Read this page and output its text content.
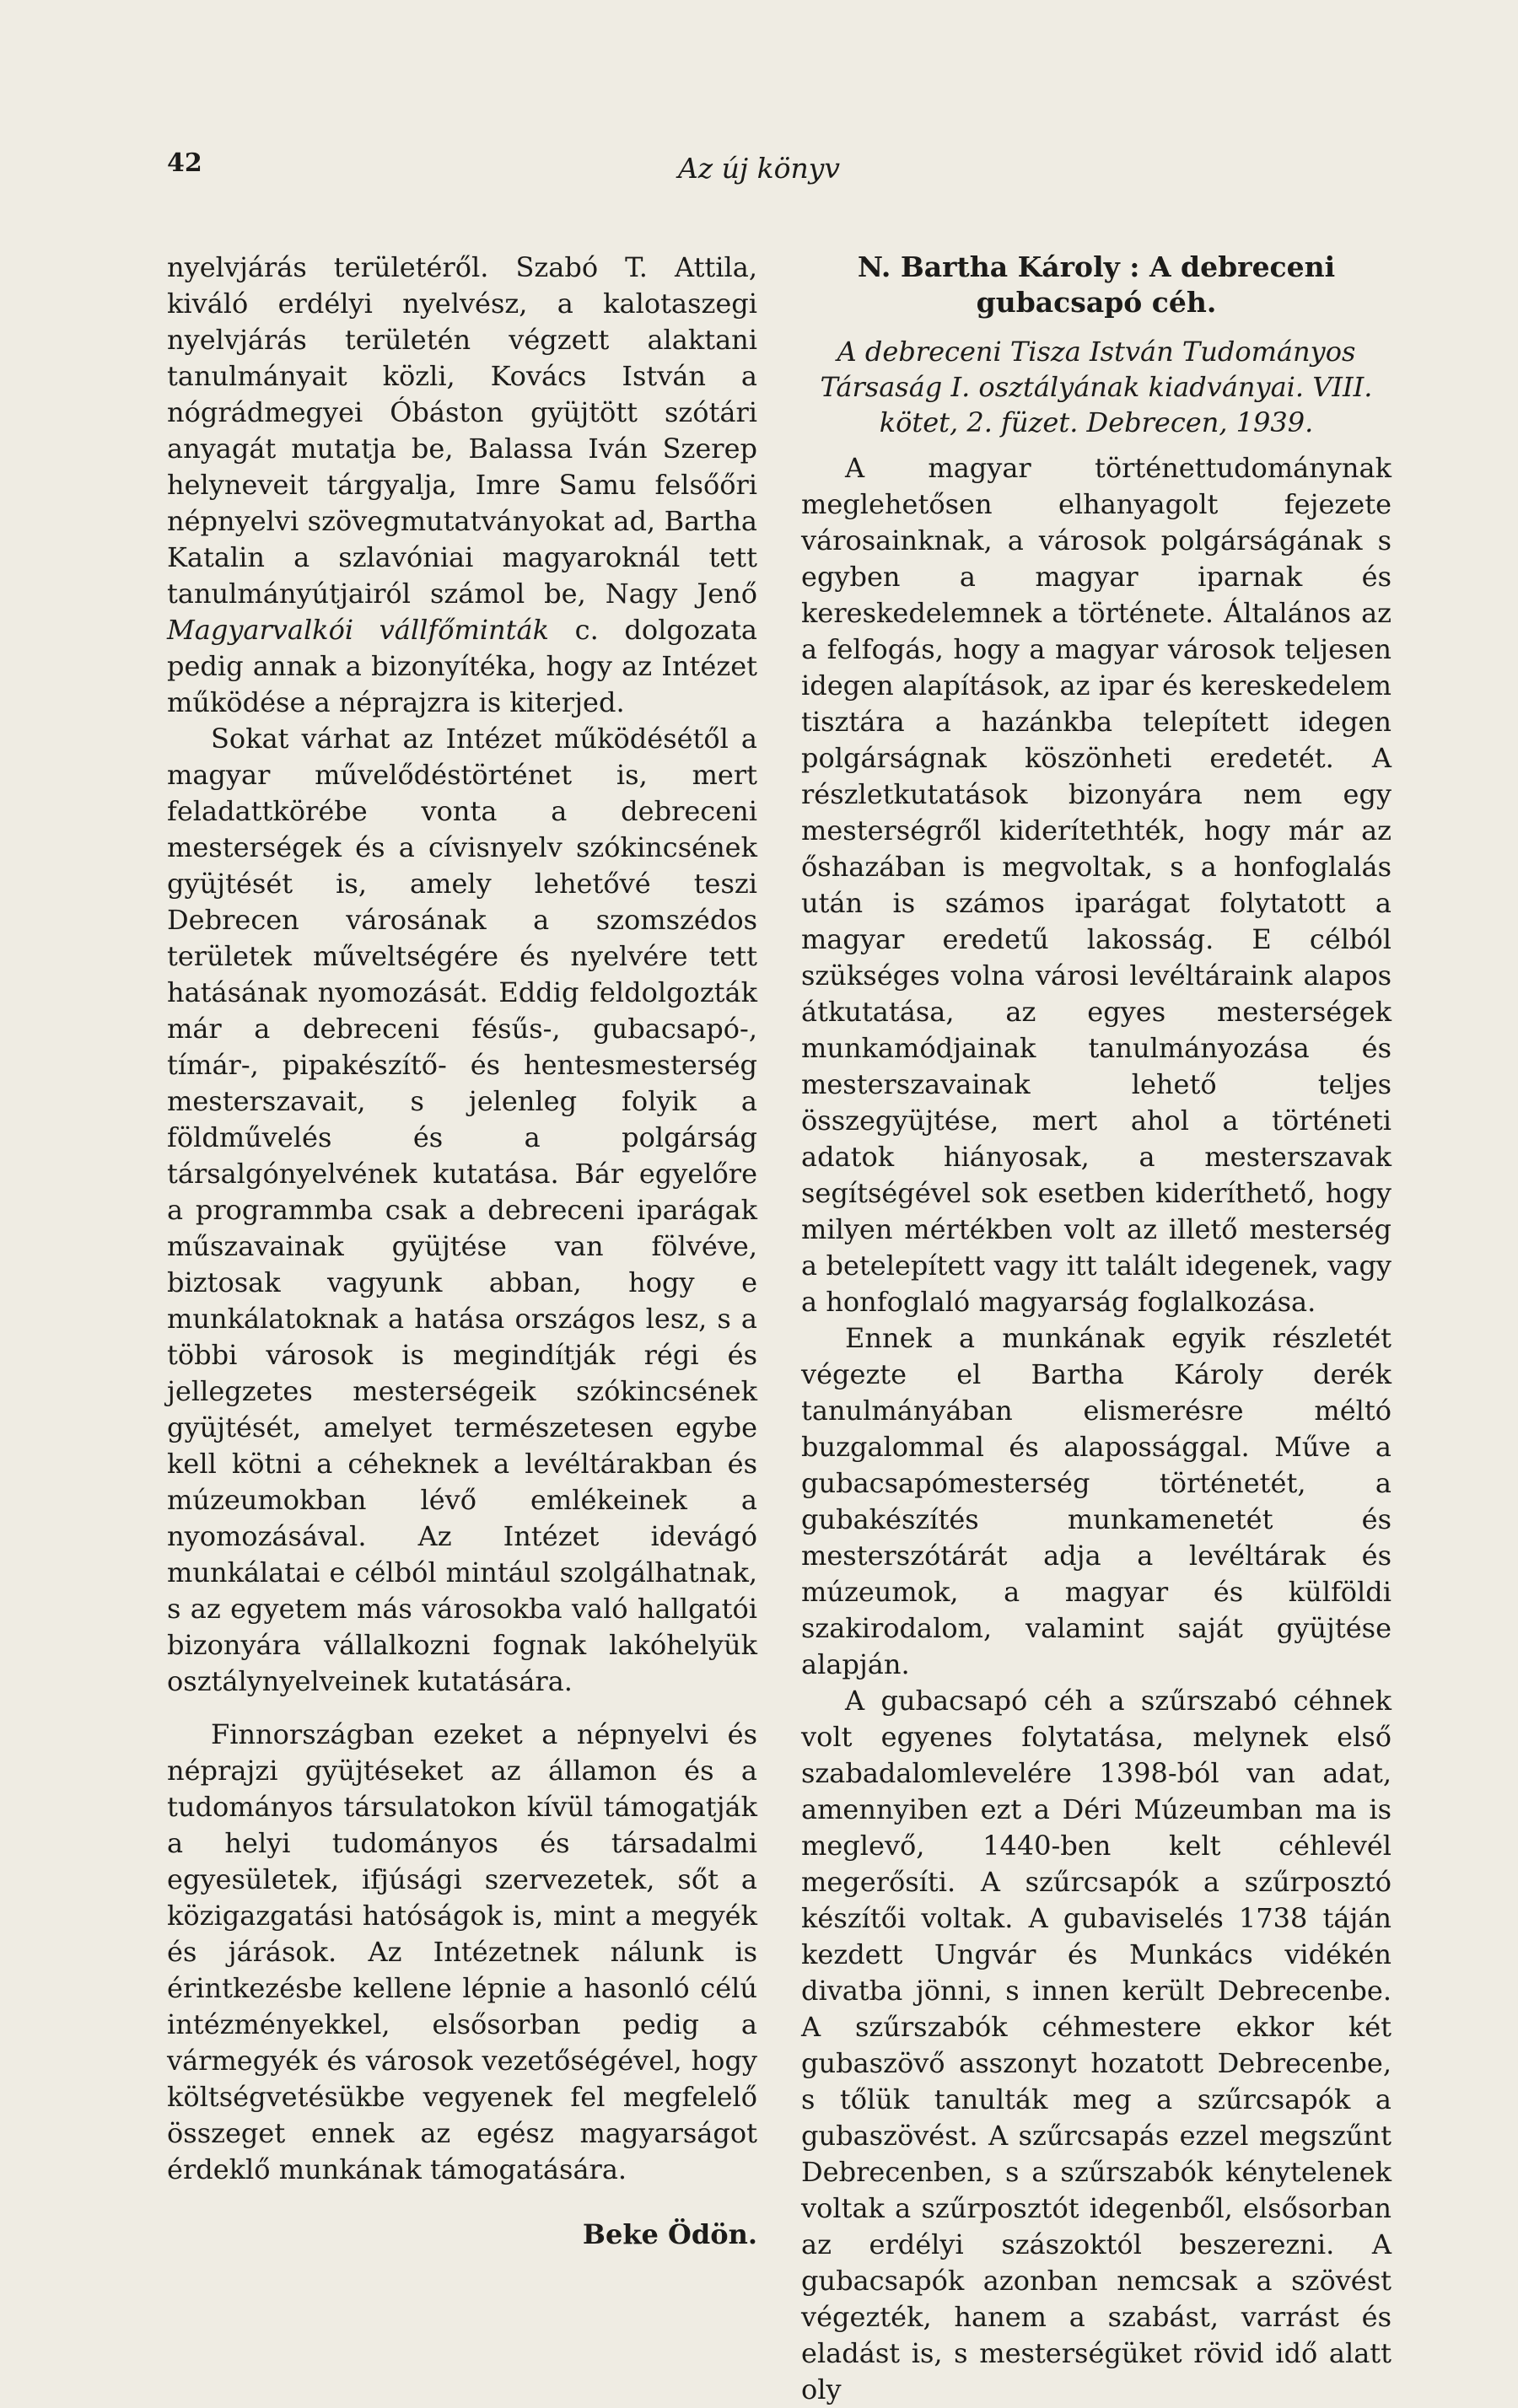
42	Az új könyv

nyelvjárás területéről. Szabó T. Attila, kiváló erdélyi nyelvész, a kalotaszegi nyelvjárás területén végzett alaktani tanulmányait közli, Kovács István a nógrádmegyei Óbáston gyüjtött szótári anyagát mutatja be, Balassa Iván Szerep helyneveit tárgyalja, Imre Samu felsőőri népnyelvi szövegmutatványokat ad, Bartha Katalin a szlavóniai magyaroknál tett tanulmányútjairól számol be, Nagy Jenő Magyarvalkói vállfőminták c. dolgozata pedig annak a bizonyítéka, hogy az Intézet működése a néprajzra is kiterjed.

Sokat várhat az Intézet működésétől a magyar művelődéstörténet is, mert feladattkörébe vonta a debreceni mesterségek és a cívisnyelv szókincsének gyüjtését is, amely lehetővé teszi Debrecen városának a szomszédos területek műveltségére és nyelvére tett hatásának nyomozását. Eddig feldolgozták már a debreceni fésűs-, gubacsapó-, tímár-, pipakészítő- és hentesmesterség mesterszavait, s jelenleg folyik a földművelés és a polgárság társalgónyelvének kutatása. Bár egyelőre a programmba csak a debreceni iparágak műszavainak gyüjtése van fölvéve, biztosak vagyunk abban, hogy e munkálatoknak a hatása országos lesz, s a többi városok is megindítják régi és jellegzetes mesterségeik szókincsének gyüjtését, amelyet természetesen egybe kell kötni a céheknek a levéltárakban és múzeumokban lévő emlékeinek a nyomozásával. Az Intézet idevágó munkálatai e célból mintául szolgálhatnak, s az egyetem más városokba való hallgatói bizonyára vállalkozni fognak lakóhelyük osztálynyelveinek kutatására.

Finnországban ezeket a népnyelvi és néprajzi gyüjtéseket az államon és a tudományos társulatokon kívül támogatják a helyi tudományos és társadalmi egyesületek, ifjúsági szervezetek, sőt a közigazgatási hatóságok is, mint a megyék és járások. Az Intézetnek nálunk is érintkezésbe kellene lépnie a hasonló célú intézményekkel, elsősorban pedig a vármegyék és városok vezetőségével, hogy költségvetésükbe vegyenek fel megfelelő összeget ennek az egész magyarságot érdeklő munkának támogatására.

Beke Ödön.
N. Bartha Károly : A debreceni gubacsapó céh.
A debreceni Tisza István Tudományos Társaság I. osztályának kiadványai. VIII. kötet, 2. füzet. Debrecen, 1939.

A magyar történettudománynak meglehetősen elhanyagolt fejezete városainknak, a városok polgárságának s egyben a magyar iparnak és kereskedelemnek a története. Általános az a felfogás, hogy a magyar városok teljesen idegen alapítások, az ipar és kereskedelem tisztára a hazánkba telepített idegen polgárságnak köszönheti eredetét. A részletkutatások bizonyára nem egy mesterségről kiderítethték, hogy már az őshazában is megvoltak, s a honfoglalás után is számos iparágat folytatott a magyar eredetű lakosság. E célból szükséges volna városi levéltáraink alapos átkutatása, az egyes mesterségek munkamódjainak tanulmányozása és mesterszavainak lehető teljes összegyüjtése, mert ahol a történeti adatok hiányosak, a mesterszavak segítségével sok esetben kideríthető, hogy milyen mértékben volt az illető mesterség a betelepített vagy itt talált idegenek, vagy a honfoglaló magyarság foglalkozása.

Ennek a munkának egyik részletét végezte el Bartha Károly derék tanulmányában elismerésre méltó buzgalommal és alapossággal. Műve a gubacsapómesterség történetét, a gubakészítés munkamenetét és mesterszótárát adja a levéltárak és múzeumok, a magyar és külföldi szakirodalom, valamint saját gyüjtése alapján.

A gubacsapó céh a szűrszabó céhnek volt egyenes folytatása, melynek első szabadalomlevelére 1398-ból van adat, amennyiben ezt a Déri Múzeumban ma is meglevő, 1440-ben kelt céhlevél megerősíti. A szűrcsapók a szűrposztó készítői voltak. A gubaviselés 1738 táján kezdett Ungvár és Munkács vidékén divatba jönni, s innen került Debrecenbe. A szűrszabók céhmestere ekkor két gubaszövő asszonyt hozatott Debrecenbe, s tőlük tanulták meg a szűrcsapók a gubaszövést. A szűrcsapás ezzel megszűnt Debrecenben, s a szűrszabók kénytelenek voltak a szűrposztót idegenből, elsősorban az erdélyi szászoktól beszerezni. A gubacsapók azonban nemcsak a szövést végezték, hanem a szabást, varrást és eladást is, s mesterségüket rövid idő alatt oly
